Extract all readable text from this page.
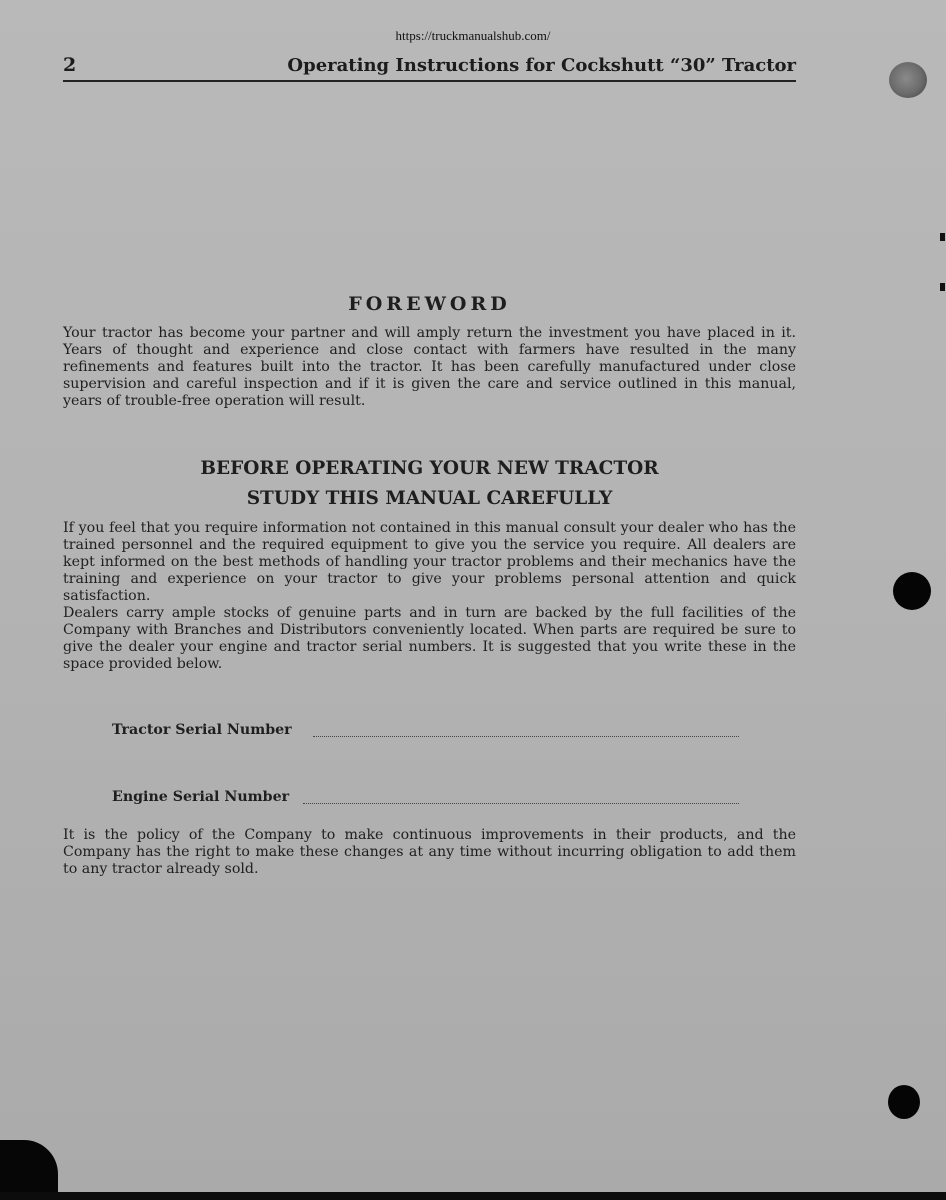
https://truckmanualshub.com/
2	Operating Instructions for Cockshutt “30” Tractor
FOREWORD
Your tractor has become your partner and will amply return the investment you have placed in it. Years of thought and experience and close contact with farmers have resulted in the many refinements and features built into the tractor. It has been carefully manufactured under close supervision and careful inspection and if it is given the care and service outlined in this manual, years of trouble-free operation will result.
BEFORE OPERATING YOUR NEW TRACTOR
STUDY THIS MANUAL CAREFULLY
If you feel that you require information not contained in this manual consult your dealer who has the trained personnel and the required equipment to give you the service you require. All dealers are kept informed on the best methods of handling your tractor problems and their mechanics have the training and experience on your tractor to give your problems personal attention and quick satisfaction.
Dealers carry ample stocks of genuine parts and in turn are backed by the full facilities of the Company with Branches and Distributors conveniently located. When parts are required be sure to give the dealer your engine and tractor serial numbers. It is suggested that you write these in the space provided below.
Tractor Serial Number
Engine Serial Number
It is the policy of the Company to make continuous improvements in their products, and the Company has the right to make these changes at any time without incurring obligation to add them to any tractor already sold.
